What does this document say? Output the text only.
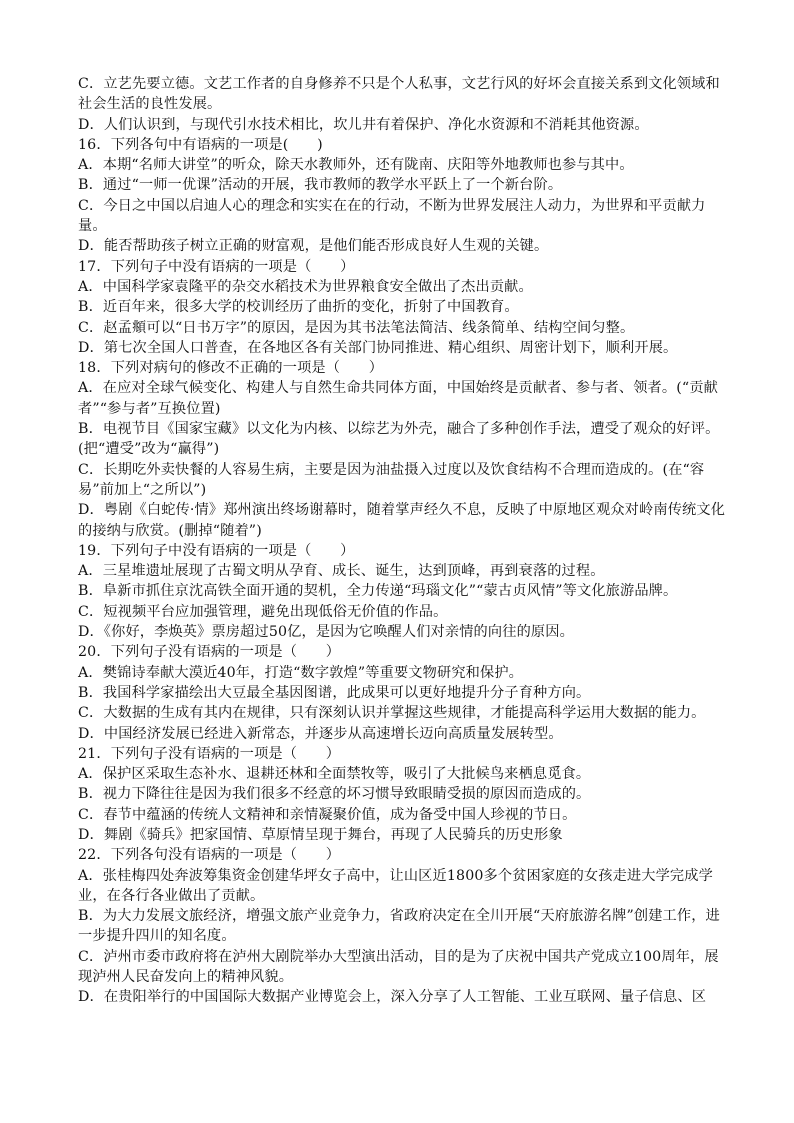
C．立艺先要立德。文艺工作者的自身修养不只是个人私事，文艺行风的好坏会直接关系到文化领域和社会生活的良性发展。

D．人们认识到，与现代引水技术相比，坎儿井有着保护、净化水资源和不消耗其他资源。

16．下列各句中有语病的一项是(　　)

A．本期“名师大讲堂”的听众，除天水教师外，还有陇南、庆阳等外地教师也参与其中。

B．通过“一师一优课”活动的开展，我市教师的教学水平跃上了一个新台阶。

C．今日之中国以启迪人心的理念和实实在在的行动，不断为世界发展注人动力，为世界和平贡献力量。

D．能否帮助孩子树立正确的财富观，是他们能否形成良好人生观的关键。

17．下列句子中没有语病的一项是（　　）

A．中国科学家袁隆平的杂交水稻技术为世界粮食安全做出了杰出贡献。

B．近百年来，很多大学的校训经历了曲折的变化，折射了中国教育。

C．赵孟頫可以“日书万字”的原因，是因为其书法笔法简洁、线条简单、结构空间匀整。

D．第七次全国人口普查，在各地区各有关部门协同推进、精心组织、周密计划下，顺利开展。

18．下列对病句的修改不正确的一项是（　　）

A．在应对全球气候变化、构建人与自然生命共同体方面，中国始终是贡献者、参与者、领者。(“贡献者”“参与者”互换位置)

B．电视节目《国家宝藏》以文化为内核、以综艺为外壳，融合了多种创作手法，遭受了观众的好评。(把“遭受”改为“赢得”)

C．长期吃外卖快餐的人容易生病，主要是因为油盐摄入过度以及饮食结构不合理而造成的。(在“容易”前加上“之所以”)

D．粤剧《白蛇传·情》郑州演出终场谢幕时，随着掌声经久不息，反映了中原地区观众对岭南传统文化的接纳与欣赏。(删掉“随着”)

19．下列句子中没有语病的一项是（　　）

A．三星堆遗址展现了古蜀文明从孕育、成长、诞生，达到顶峰，再到衰落的过程。

B．阜新市抓住京沈高铁全面开通的契机，全力传递“玛瑙文化”“蒙古贞风情”等文化旅游品牌。

C．短视频平台应加强管理，避免出现低俗无价值的作品。

D．《你好，李焕英》票房超过50亿，是因为它唤醒人们对亲情的向往的原因。

20．下列句子没有语病的一项是（　　）

A．樊锦诗奉献大漠近40年，打造“数字敦煌”等重要文物研究和保护。

B．我国科学家描绘出大豆最全基因图谱，此成果可以更好地提升分子育种方向。

C．大数据的生成有其内在规律，只有深刻认识并掌握这些规律，才能提高科学运用大数据的能力。

D．中国经济发展已经进入新常态，并逐步从高速增长迈向高质量发展转型。

21．下列句子没有语病的一项是（　　）

A．保护区采取生态补水、退耕还林和全面禁牧等，吸引了大批候鸟来栖息觅食。

B．视力下降往往是因为我们很多不经意的坏习惯导致眼睛受损的原因而造成的。

C．春节中蕴涵的传统人文精神和亲情凝聚价值，成为备受中国人珍视的节日。

D．舞剧《骑兵》把家国情、草原情呈现于舞台，再现了人民骑兵的历史形象

22．下列各句没有语病的一项是（　　）

A．张桂梅四处奔波筹集资金创建华坪女子高中，让山区近1800多个贫困家庭的女孩走进大学完成学业，在各行各业做出了贡献。

B．为大力发展文旅经济，增强文旅产业竞争力，省政府决定在全川开展“天府旅游名牌”创建工作，进一步提升四川的知名度。

C．泸州市委市政府将在泸州大剧院举办大型演出活动，目的是为了庆祝中国共产党成立100周年，展现泸州人民奋发向上的精神风貌。

D．在贵阳举行的中国国际大数据产业博览会上，深入分享了人工智能、工业互联网、量子信息、区
